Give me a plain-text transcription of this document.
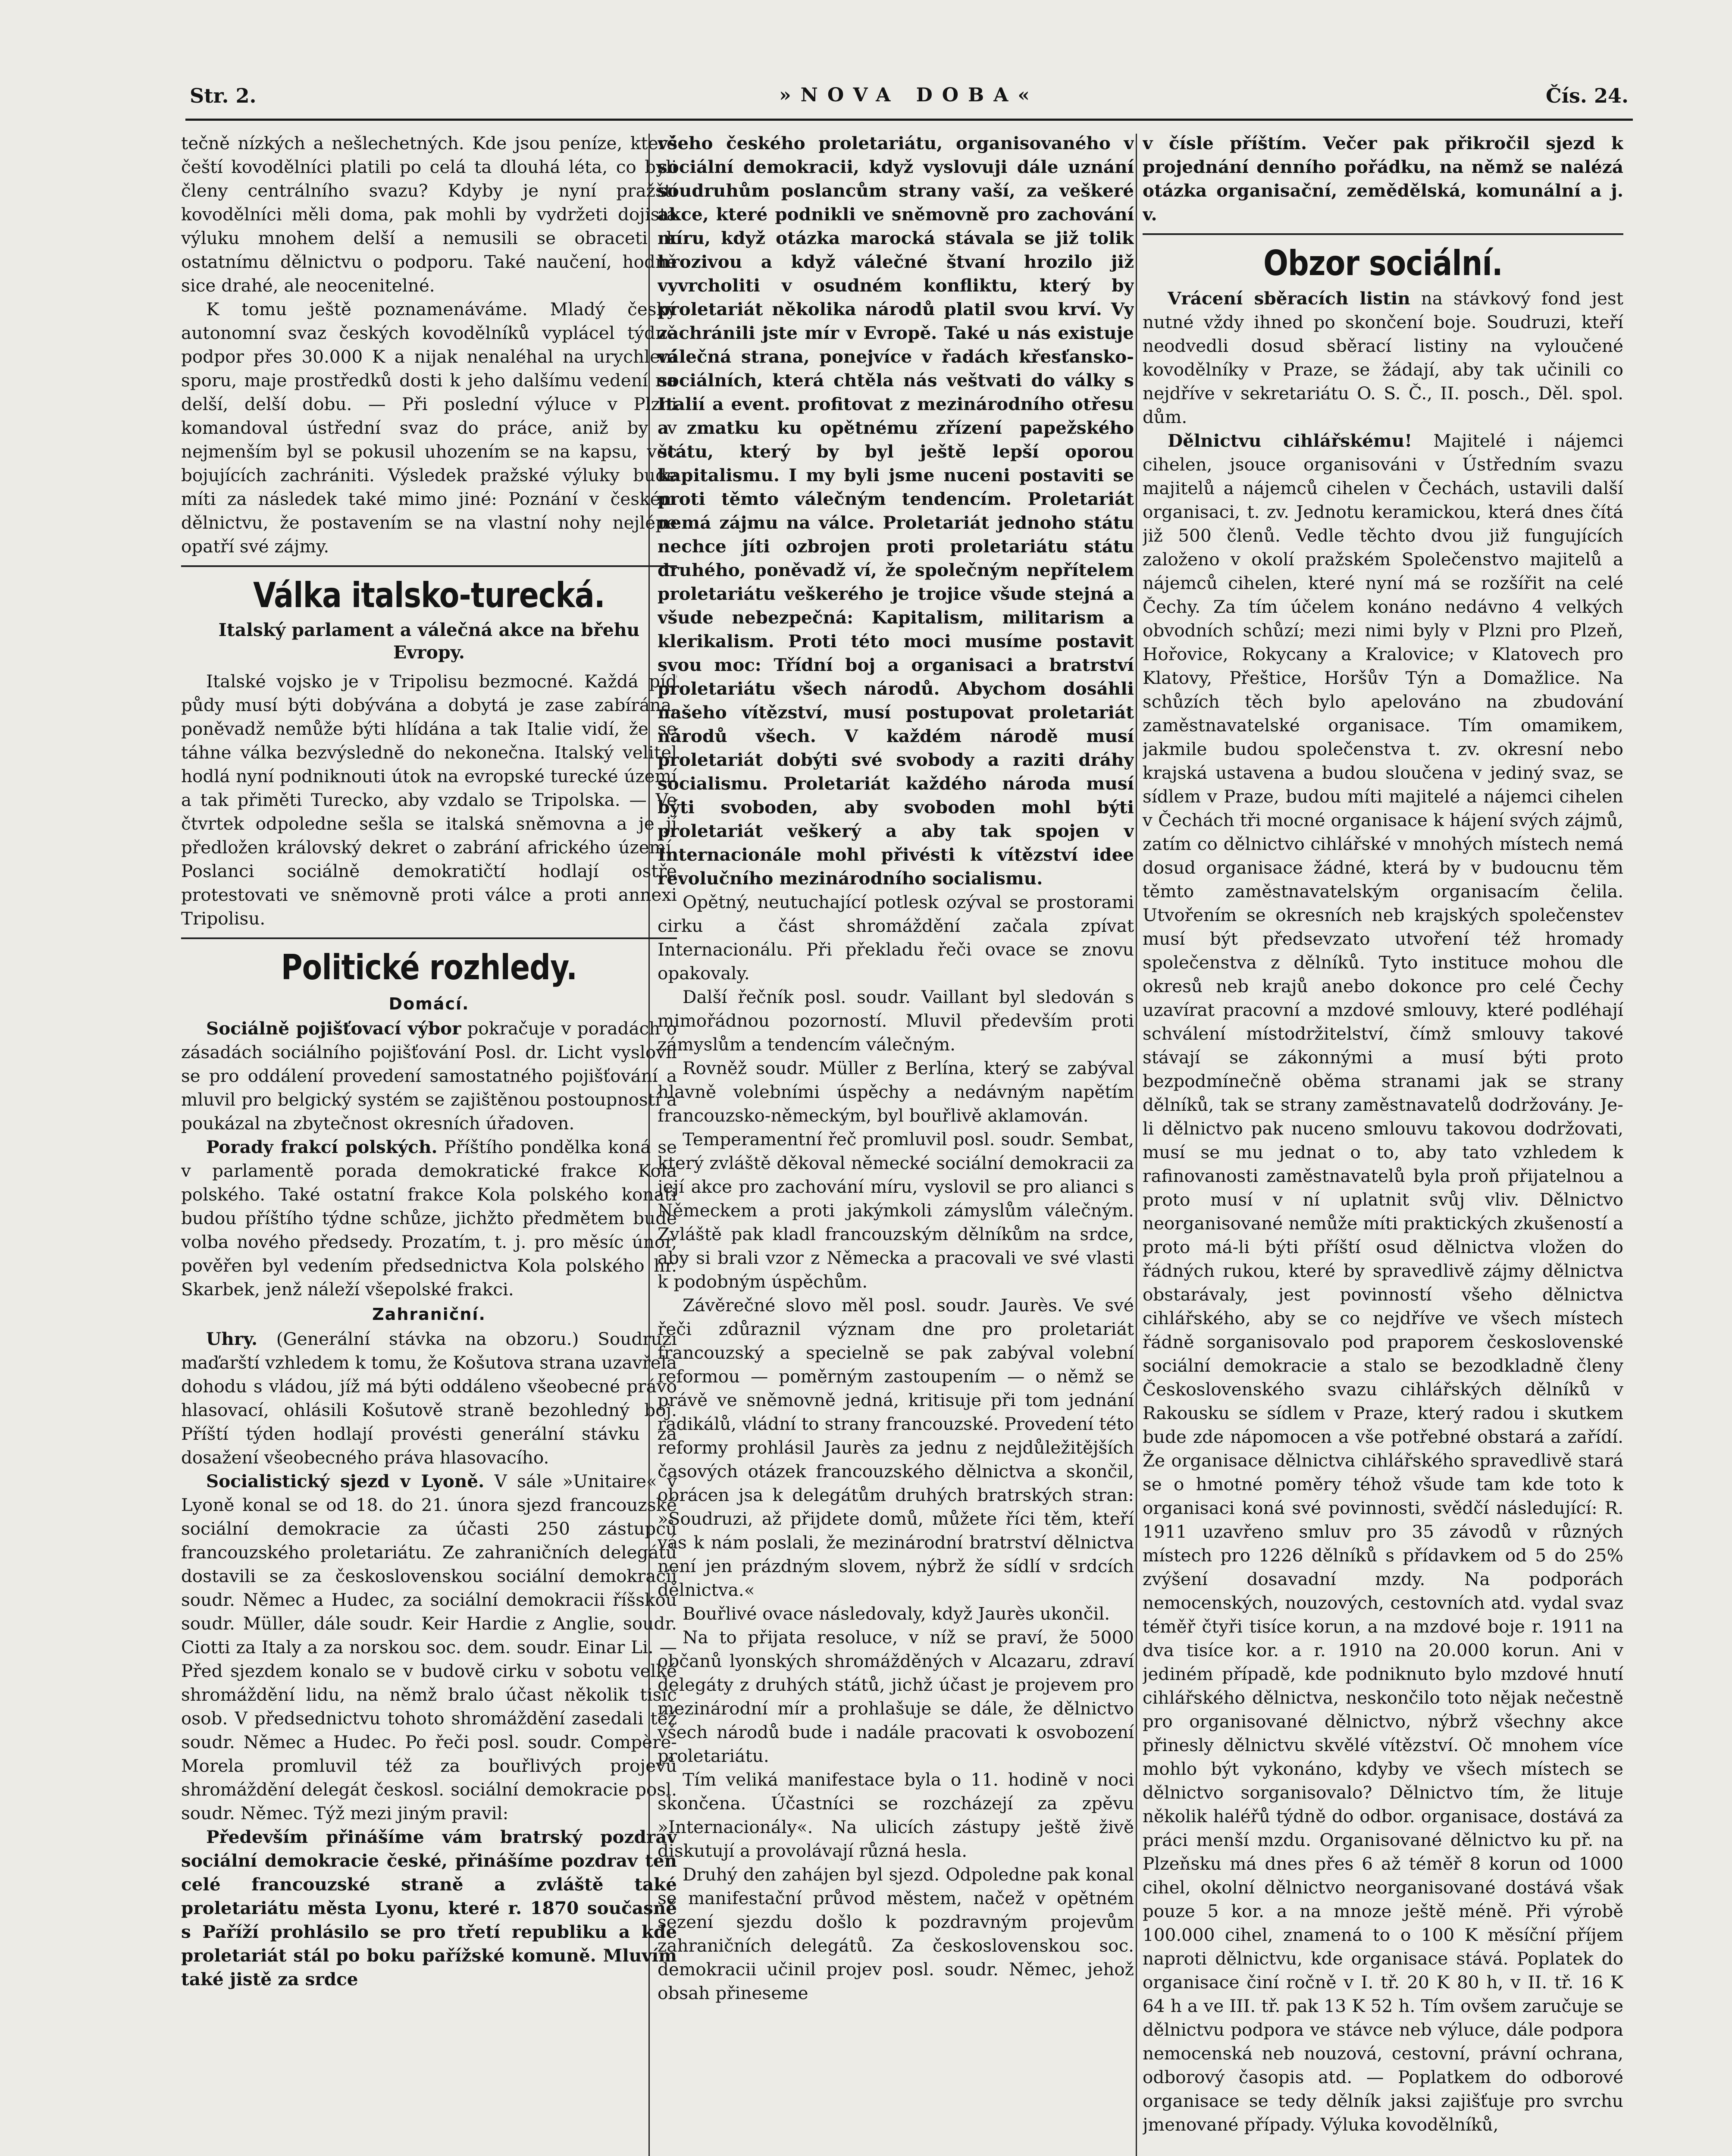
Str. 2.	»NOVA DOBA«	Čís. 24.

tečně nízkých a nešlechetných. Kde jsou peníze, které čeští kovodělníci platili po celá ta dlouhá léta, co byli členy centrálního svazu? Kdyby je nyní pražští kovodělníci měli doma, pak mohli by vydržeti dojista výluku mnohem delší a nemusili se obraceti k ostatnímu dělnictvu o podporu. Také naučení, hodně sice drahé, ale neocenitelné.

K tomu ještě poznamenáváme. Mladý český autonomní svaz českých kovodělníků vyplácel týdně podpor přes 30.000 K a nijak nenaléhal na urychlení sporu, maje prostředků dosti k jeho dalšímu vedení na delší, delší dobu. — Při poslední výluce v Plzni komandoval ústřední svaz do práce, aniž by v nejmenším byl se pokusil uhozením se na kapsu, věc bojujících zachrániti. Výsledek pražské výluky bude míti za následek také mimo jiné: Poznání v českém dělnictvu, že postavením se na vlastní nohy nejlépe opatří své zájmy.

Válka italsko-turecká.
Italský parlament a válečná akce na břehu Evropy.

Italské vojsko je v Tripolisu bezmocné. Každá píď půdy musí býti dobývána a dobytá je zase zabírána, poněvadž nemůže býti hlídána a tak Italie vidí, že se táhne válka bezvýsledně do nekonečna. Italský velitel hodlá nyní podniknouti útok na evropské turecké území a tak přiměti Turecko, aby vzdalo se Tripolska. — Ve čtvrtek odpoledne sešla se italská sněmovna a je jí předložen královský dekret o zabrání afrického území. Poslanci sociálně demokratičtí hodlají ostře protestovati ve sněmovně proti válce a proti annexi Tripolisu.

Politické rozhledy.
Domácí.

Sociálně pojišťovací výbor pokračuje v poradách o zásadách sociálního pojišťování Posl. dr. Licht vyslovil se pro oddálení provedení samostatného pojišťování a mluvil pro belgický systém se zajištěnou postoupností a poukázal na zbytečnost okresních úřadoven.

Porady frakcí polských. Příštího pondělka koná se v parlamentě porada demokratické frakce Kola polského. Také ostatní frakce Kola polského konati budou příštího týdne schůze, jichžto předmětem bude volba nového předsedy. Prozatím, t. j. pro měsíc únor, pověřen byl vedením předsednictva Kola polského hr. Skarbek, jenž náleží všepolské frakci.

Zahraniční.

Uhry. (Generální stávka na obzoru.) Soudruzi maďarští vzhledem k tomu, že Košutova strana uzavřela dohodu s vládou, jíž má býti oddáleno všeobecné právo hlasovací, ohlásili Košutově straně bezohledný boj. Příští týden hodlají provésti generální stávku za dosažení všeobecného práva hlasovacího.

Socialistický sjezd v Lyoně. V sále »Unitaire« v Lyoně konal se od 18. do 21. února sjezd francouzské sociální demokracie za účasti 250 zástupců francouzského proletariátu. Ze zahraničních delegátů dostavili se za československou sociální demokracii soudr. Němec a Hudec, za sociální demokracii říšskou soudr. Müller, dále soudr. Keir Hardie z Anglie, soudr. Ciotti za Italy a za norskou soc. dem. soudr. Einar Li. — Před sjezdem konalo se v budově cirku v sobotu velké shromáždění lidu, na němž bralo účast několik tisíc osob. V předsednictvu tohoto shromáždění zasedali též soudr. Němec a Hudec. Po řeči posl. soudr. Compère-Morela promluvil též za bouřlivých projevů shromáždění delegát českosl. sociální demokracie posl. soudr. Němec. Týž mezi jiným pravil:

Především přinášíme vám bratrský pozdrav sociální demokracie české, přinášíme pozdrav ten celé francouzské straně a zvláště také proletariátu města Lyonu, které r. 1870 současně s Paříží prohlásilo se pro třetí republiku a kde proletariát stál po boku pařížské komuně. Mluvím také jistě za srdce

všeho českého proletariátu, organisovaného v sociální demokracii, když vyslovuji dále uznání soudruhům poslancům strany vaší, za veškeré akce, které podnikli ve sněmovně pro zachování míru, když otázka marocká stávala se již tolik hrozivou a když válečné štvaní hrozilo již vyvrcholiti v osudném konfliktu, který by proletariát několika národů platil svou krví. Vy zachránili jste mír v Evropě. Také u nás existuje válečná strana, ponejvíce v řadách křesťansko-sociálních, která chtěla nás veštvati do války s Italií a event. profitovat z mezinárodního otřesu a zmatku ku opětnému zřízení papežského státu, který by byl ještě lepší oporou kapitalismu. I my byli jsme nuceni postaviti se proti těmto válečným tendencím. Proletariát nemá zájmu na válce. Proletariát jednoho státu nechce jíti ozbrojen proti proletariátu státu druhého, poněvadž ví, že společným nepřítelem proletariátu veškerého je trojice všude stejná a všude nebezpečná: Kapitalism, militarism a klerikalism. Proti této moci musíme postavit svou moc: Třídní boj a organisaci a bratrství proletariátu všech národů. Abychom dosáhli našeho vítězství, musí postupovat proletariát národů všech. V každém národě musí proletariát dobýti své svobody a raziti dráhy socialismu. Proletariát každého národa musí býti svoboden, aby svoboden mohl býti proletariát veškerý a aby tak spojen v Internacionále mohl přivésti k vítězství idee revolučního mezinárodního socialismu.

Opětný, neutuchající potlesk ozýval se prostorami cirku a část shromáždění začala zpívat Internacionálu. Při překladu řeči ovace se znovu opakovaly.

Další řečník posl. soudr. Vaillant byl sledován s mimořádnou pozorností. Mluvil především proti zámyslům a tendencím válečným.

Rovněž soudr. Müller z Berlína, který se zabýval hlavně volebními úspěchy a nedávným napětím francouzsko-německým, byl bouřlivě aklamován.

Temperamentní řeč promluvil posl. soudr. Sembat, který zvláště děkoval německé sociální demokracii za její akce pro zachování míru, vyslovil se pro alianci s Německem a proti jakýmkoli zámyslům válečným. Zvláště pak kladl francouzským dělníkům na srdce, aby si brali vzor z Německa a pracovali ve své vlasti k podobným úspěchům.

Závěrečné slovo měl posl. soudr. Jaurès. Ve své řeči zdůraznil význam dne pro proletariát francouzský a specielně se pak zabýval volební reformou — poměrným zastoupením — o němž se právě ve sněmovně jedná, kritisuje při tom jednání radikálů, vládní to strany francouzské. Provedení této reformy prohlásil Jaurès za jednu z nejdůležitějších časových otázek francouzského dělnictva a skončil, obrácen jsa k delegátům druhých bratrských stran: »Soudruzi, až přijdete domů, můžete říci těm, kteří vás k nám poslali, že mezinárodní bratrství dělnictva není jen prázdným slovem, nýbrž že sídlí v srdcích dělnictva.«

Bouřlivé ovace následovaly, když Jaurès ukončil.

Na to přijata resoluce, v níž se praví, že 5000 občanů lyonských shromážděných v Alcazaru, zdraví delegáty z druhých států, jichž účast je projevem pro mezinárodní mír a prohlašuje se dále, že dělnictvo všech národů bude i nadále pracovati k osvobození proletariátu.

Tím veliká manifestace byla o 11. hodině v noci skončena. Účastníci se rozcházejí za zpěvu »Internacionály«. Na ulicích zástupy ještě živě diskutují a provolávají různá hesla.

Druhý den zahájen byl sjezd. Odpoledne pak konal se manifestační průvod městem, načež v opětném sezení sjezdu došlo k pozdravným projevům zahraničních delegátů. Za československou soc. demokracii učinil projev posl. soudr. Němec, jehož obsah přineseme

v čísle příštím. Večer pak přikročil sjezd k projednání denního pořádku, na němž se nalézá otázka organisační, zemědělská, komunální a j. v.

Obzor sociální.

Vrácení sběracích listin na stávkový fond jest nutné vždy ihned po skončení boje. Soudruzi, kteří neodvedli dosud sběrací listiny na vyloučené kovodělníky v Praze, se žádají, aby tak učinili co nejdříve v sekretariátu O. S. Č., II. posch., Děl. spol. dům.

Dělnictvu cihlářskému! Majitelé i nájemci cihelen, jsouce organisováni v Ústředním svazu majitelů a nájemců cihelen v Čechách, ustavili další organisaci, t. zv. Jednotu keramickou, která dnes čítá již 500 členů. Vedle těchto dvou již fungujících založeno v okolí pražském Společenstvo majitelů a nájemců cihelen, které nyní má se rozšířit na celé Čechy. Za tím účelem konáno nedávno 4 velkých obvodních schůzí; mezi nimi byly v Plzni pro Plzeň, Hořovice, Rokycany a Kralovice; v Klatovech pro Klatovy, Přeštice, Horšův Týn a Domažlice. Na schůzích těch bylo apelováno na zbudování zaměstnavatelské organisace. Tím omamikem, jakmile budou společenstva t. zv. okresní nebo krajská ustavena a budou sloučena v jediný svaz, se sídlem v Praze, budou míti majitelé a nájemci cihelen v Čechách tři mocné organisace k hájení svých zájmů, zatím co dělnictvo cihlářské v mnohých místech nemá dosud organisace žádné, která by v budoucnu těm těmto zaměstnavatelským organisacím čelila. Utvořením se okresních neb krajských společenstev musí být předsevzato utvoření též hromady společenstva z dělníků. Tyto instituce mohou dle okresů neb krajů anebo dokonce pro celé Čechy uzavírat pracovní a mzdové smlouvy, které podléhají schválení místodržitelství, čímž smlouvy takové stávají se zákonnými a musí býti proto bezpodmínečně oběma stranami jak se strany dělníků, tak se strany zaměstnavatelů dodržovány. Je-li dělnictvo pak nuceno smlouvu takovou dodržovati, musí se mu jednat o to, aby tato vzhledem k rafinovanosti zaměstnavatelů byla proň přijatelnou a proto musí v ní uplatnit svůj vliv. Dělnictvo neorganisované nemůže míti praktických zkušeností a proto má-li býti příští osud dělnictva vložen do řádných rukou, které by spravedlivě zájmy dělnictva obstarávaly, jest povinností všeho dělnictva cihlářského, aby se co nejdříve ve všech místech řádně sorganisovalo pod praporem československé sociální demokracie a stalo se bezodkladně členy Československého svazu cihlářských dělníků v Rakousku se sídlem v Praze, který radou i skutkem bude zde nápomocen a vše potřebné obstará a zařídí. Že organisace dělnictva cihlářského spravedlivě stará se o hmotné poměry téhož všude tam kde toto k organisaci koná své povinnosti, svědčí následující: R. 1911 uzavřeno smluv pro 35 závodů v různých místech pro 1226 dělníků s přídavkem od 5 do 25% zvýšení dosavadní mzdy. Na podporách nemocenských, nouzových, cestovních atd. vydal svaz téměř čtyři tisíce korun, a na mzdové boje r. 1911 na dva tisíce kor. a r. 1910 na 20.000 korun. Ani v jediném případě, kde podniknuto bylo mzdové hnutí cihlářského dělnictva, neskončilo toto nějak nečestně pro organisované dělnictvo, nýbrž všechny akce přinesly dělnictvu skvělé vítězství. Oč mnohem více mohlo být vykonáno, kdyby ve všech místech se dělnictvo sorganisovalo? Dělnictvo tím, že lituje několik haléřů týdně do odbor. organisace, dostává za práci menší mzdu. Organisované dělnictvo ku př. na Plzeňsku má dnes přes 6 až téměř 8 korun od 1000 cihel, okolní dělnictvo neorganisované dostává však pouze 5 kor. a na mnoze ještě méně. Při výrobě 100.000 cihel, znamená to o 100 K měsíční příjem naproti dělnictvu, kde organisace stává. Poplatek do organisace činí ročně v I. tř. 20 K 80 h, v II. tř. 16 K 64 h a ve III. tř. pak 13 K 52 h. Tím ovšem zaručuje se dělnictvu podpora ve stávce neb výluce, dále podpora nemocenská neb nouzová, cestovní, právní ochrana, odborový časopis atd. — Poplatkem do odborové organisace se tedy dělník jaksi zajišťuje pro svrchu jmenované případy. Výluka kovodělníků,
